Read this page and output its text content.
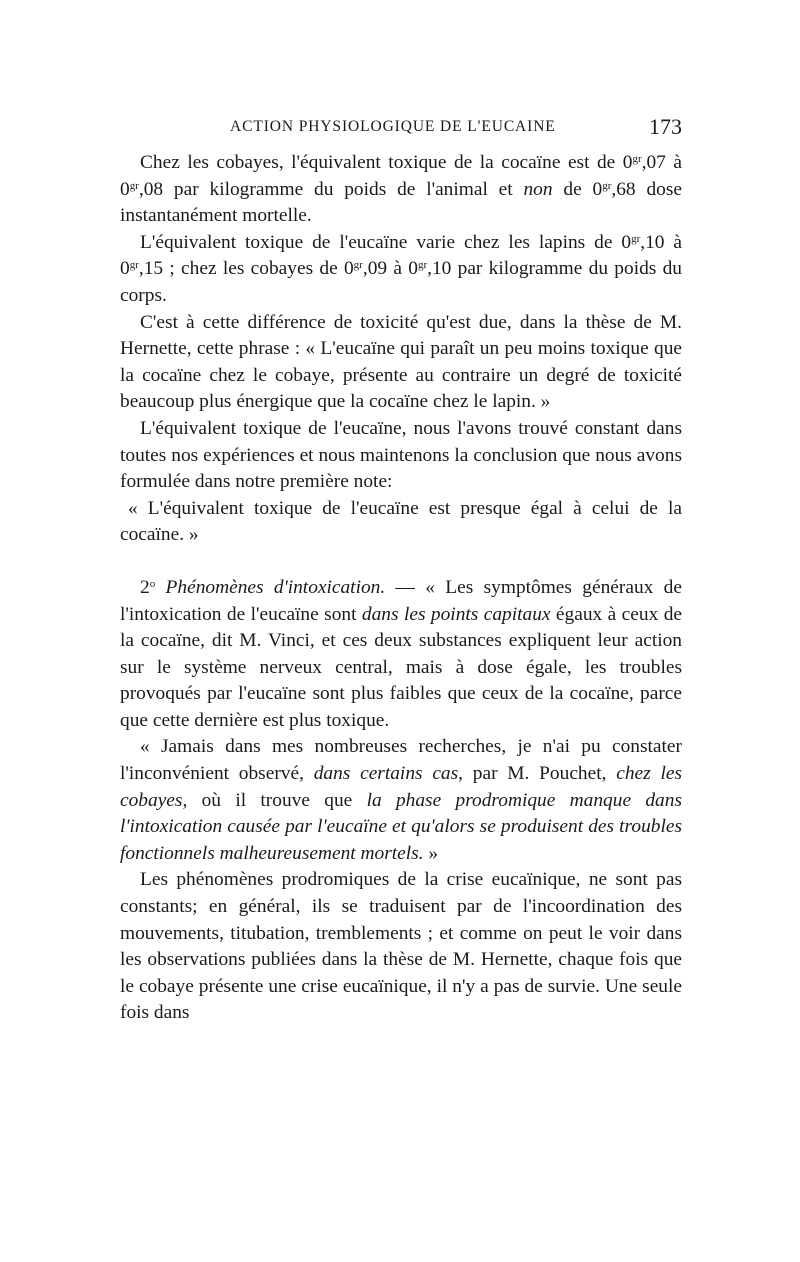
ACTION PHYSIOLOGIQUE DE L'EUCAINE	173

Chez les cobayes, l'équivalent toxique de la cocaïne est de $0^{gr},07$ à $0^{gr},08$ par kilogramme du poids de l'animal et non de $0^{gr},68$ dose instantanément mortelle.

L'équivalent toxique de l'eucaïne varie chez les lapins de $0^{gr},10$ à $0^{gr},15$ ; chez les cobayes de $0^{gr},09$ à $0^{gr},10$ par kilogramme du poids du corps.

C'est à cette différence de toxicité qu'est due, dans la thèse de M. Hernette, cette phrase : « L'eucaïne qui paraît un peu moins toxique que la cocaïne chez le cobaye, présente au contraire un degré de toxicité beaucoup plus énergique que la cocaïne chez le lapin. »

L'équivalent toxique de l'eucaïne, nous l'avons trouvé constant dans toutes nos expériences et nous maintenons la conclusion que nous avons formulée dans notre première note:

« L'équivalent toxique de l'eucaïne est presque égal à celui de la cocaïne. »

2$^o$ Phénomènes d'intoxication. — « Les symptômes généraux de l'intoxication de l'eucaïne sont dans les points capitaux égaux à ceux de la cocaïne, dit M. Vinci, et ces deux substances expliquent leur action sur le système nerveux central, mais à dose égale, les troubles provoqués par l'eucaïne sont plus faibles que ceux de la cocaïne, parce que cette dernière est plus toxique.

« Jamais dans mes nombreuses recherches, je n'ai pu constater l'inconvénient observé, dans certains cas, par M. Pouchet, chez les cobayes, où il trouve que la phase prodromique manque dans l'intoxication causée par l'eucaïne et qu'alors se produisent des troubles fonctionnels malheureusement mortels. »

Les phénomènes prodromiques de la crise eucaïnique, ne sont pas constants; en général, ils se traduisent par de l'incoordination des mouvements, titubation, tremblements ; et comme on peut le voir dans les observations publiées dans la thèse de M. Hernette, chaque fois que le cobaye présente une crise eucaïnique, il n'y a pas de survie. Une seule fois dans
